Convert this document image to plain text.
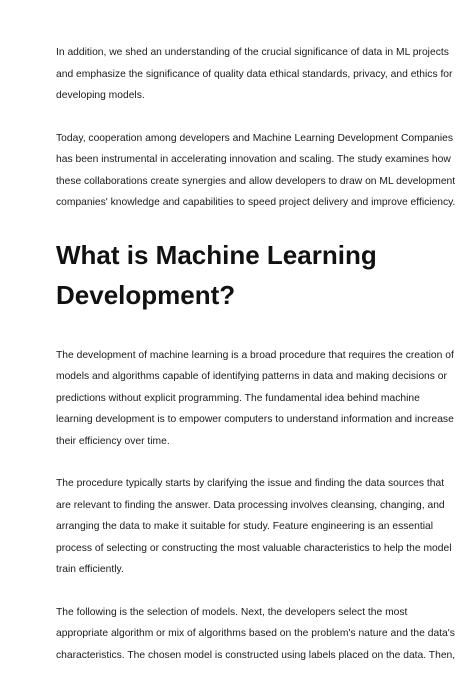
In addition, we shed an understanding of the crucial significance of data in ML projects
and emphasize the significance of quality data ethical standards, privacy, and ethics for
developing models.

Today, cooperation among developers and Machine Learning Development Companies
has been instrumental in accelerating innovation and scaling. The study examines how
these collaborations create synergies and allow developers to draw on ML development
companies' knowledge and capabilities to speed project delivery and improve efficiency.

What is Machine Learning
Development?

The development of machine learning is a broad procedure that requires the creation of
models and algorithms capable of identifying patterns in data and making decisions or
predictions without explicit programming. The fundamental idea behind machine
learning development is to empower computers to understand information and increase
their efficiency over time.

The procedure typically starts by clarifying the issue and finding the data sources that
are relevant to finding the answer. Data processing involves cleansing, changing, and
arranging the data to make it suitable for study. Feature engineering is an essential
process of selecting or constructing the most valuable characteristics to help the model
train efficiently.

The following is the selection of models. Next, the developers select the most
appropriate algorithm or mix of algorithms based on the problem's nature and the data's
characteristics. The chosen model is constructed using labels placed on the data. Then,
